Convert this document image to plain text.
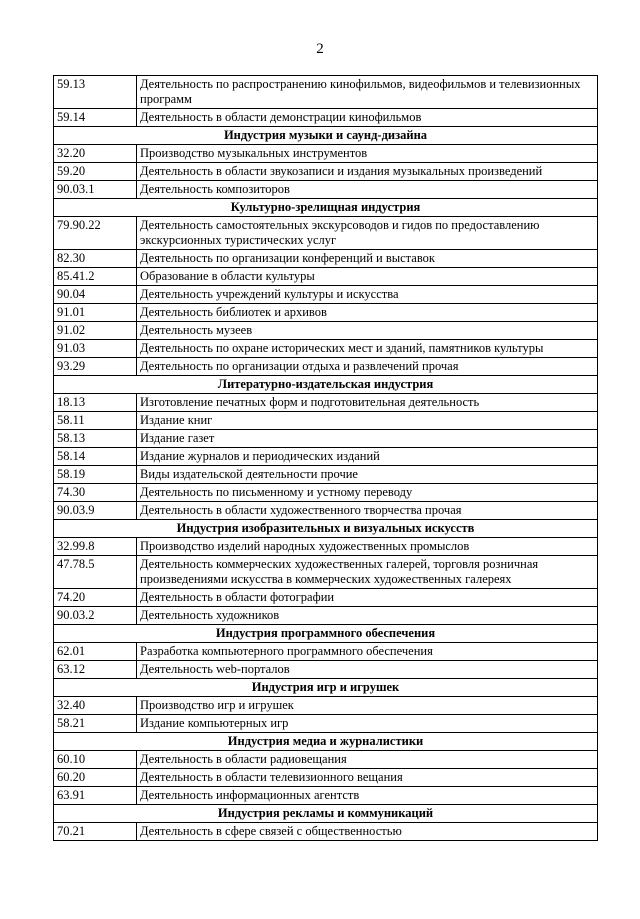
2
59.13	Деятельность по распространению кинофильмов, видеофильмов и телевизионных программ
59.14	Деятельность в области демонстрации кинофильмов
Индустрия музыки и саунд-дизайна	
32.20	Производство музыкальных инструментов
59.20	Деятельность в области звукозаписи и издания музыкальных произведений
90.03.1	Деятельность композиторов
Культурно-зрелищная индустрия	
79.90.22	Деятельность самостоятельных экскурсоводов и гидов по предоставлению экскурсионных туристических услуг
82.30	Деятельность по организации конференций и выставок
85.41.2	Образование в области культуры
90.04	Деятельность учреждений культуры и искусства
91.01	Деятельность библиотек и архивов
91.02	Деятельность музеев
91.03	Деятельность по охране исторических мест и зданий, памятников культуры
93.29	Деятельность по организации отдыха и развлечений прочая
Литературно-издательская индустрия	
18.13	Изготовление печатных форм и подготовительная деятельность
58.11	Издание книг
58.13	Издание газет
58.14	Издание журналов и периодических изданий
58.19	Виды издательской деятельности прочие
74.30	Деятельность по письменному и устному переводу
90.03.9	Деятельность в области художественного творчества прочая
Индустрия изобразительных и визуальных искусств	
32.99.8	Производство изделий народных художественных промыслов
47.78.5	Деятельность коммерческих художественных галерей, торговля розничная произведениями искусства в коммерческих художественных галереях
74.20	Деятельность в области фотографии
90.03.2	Деятельность художников
Индустрия программного обеспечения	
62.01	Разработка компьютерного программного обеспечения
63.12	Деятельность web-порталов
Индустрия игр и игрушек	
32.40	Производство игр и игрушек
58.21	Издание компьютерных игр
Индустрия медиа и журналистики	
60.10	Деятельность в области радиовещания
60.20	Деятельность в области телевизионного вещания
63.91	Деятельность информационных агентств
Индустрия рекламы и коммуникаций	
70.21	Деятельность в сфере связей с общественностью
